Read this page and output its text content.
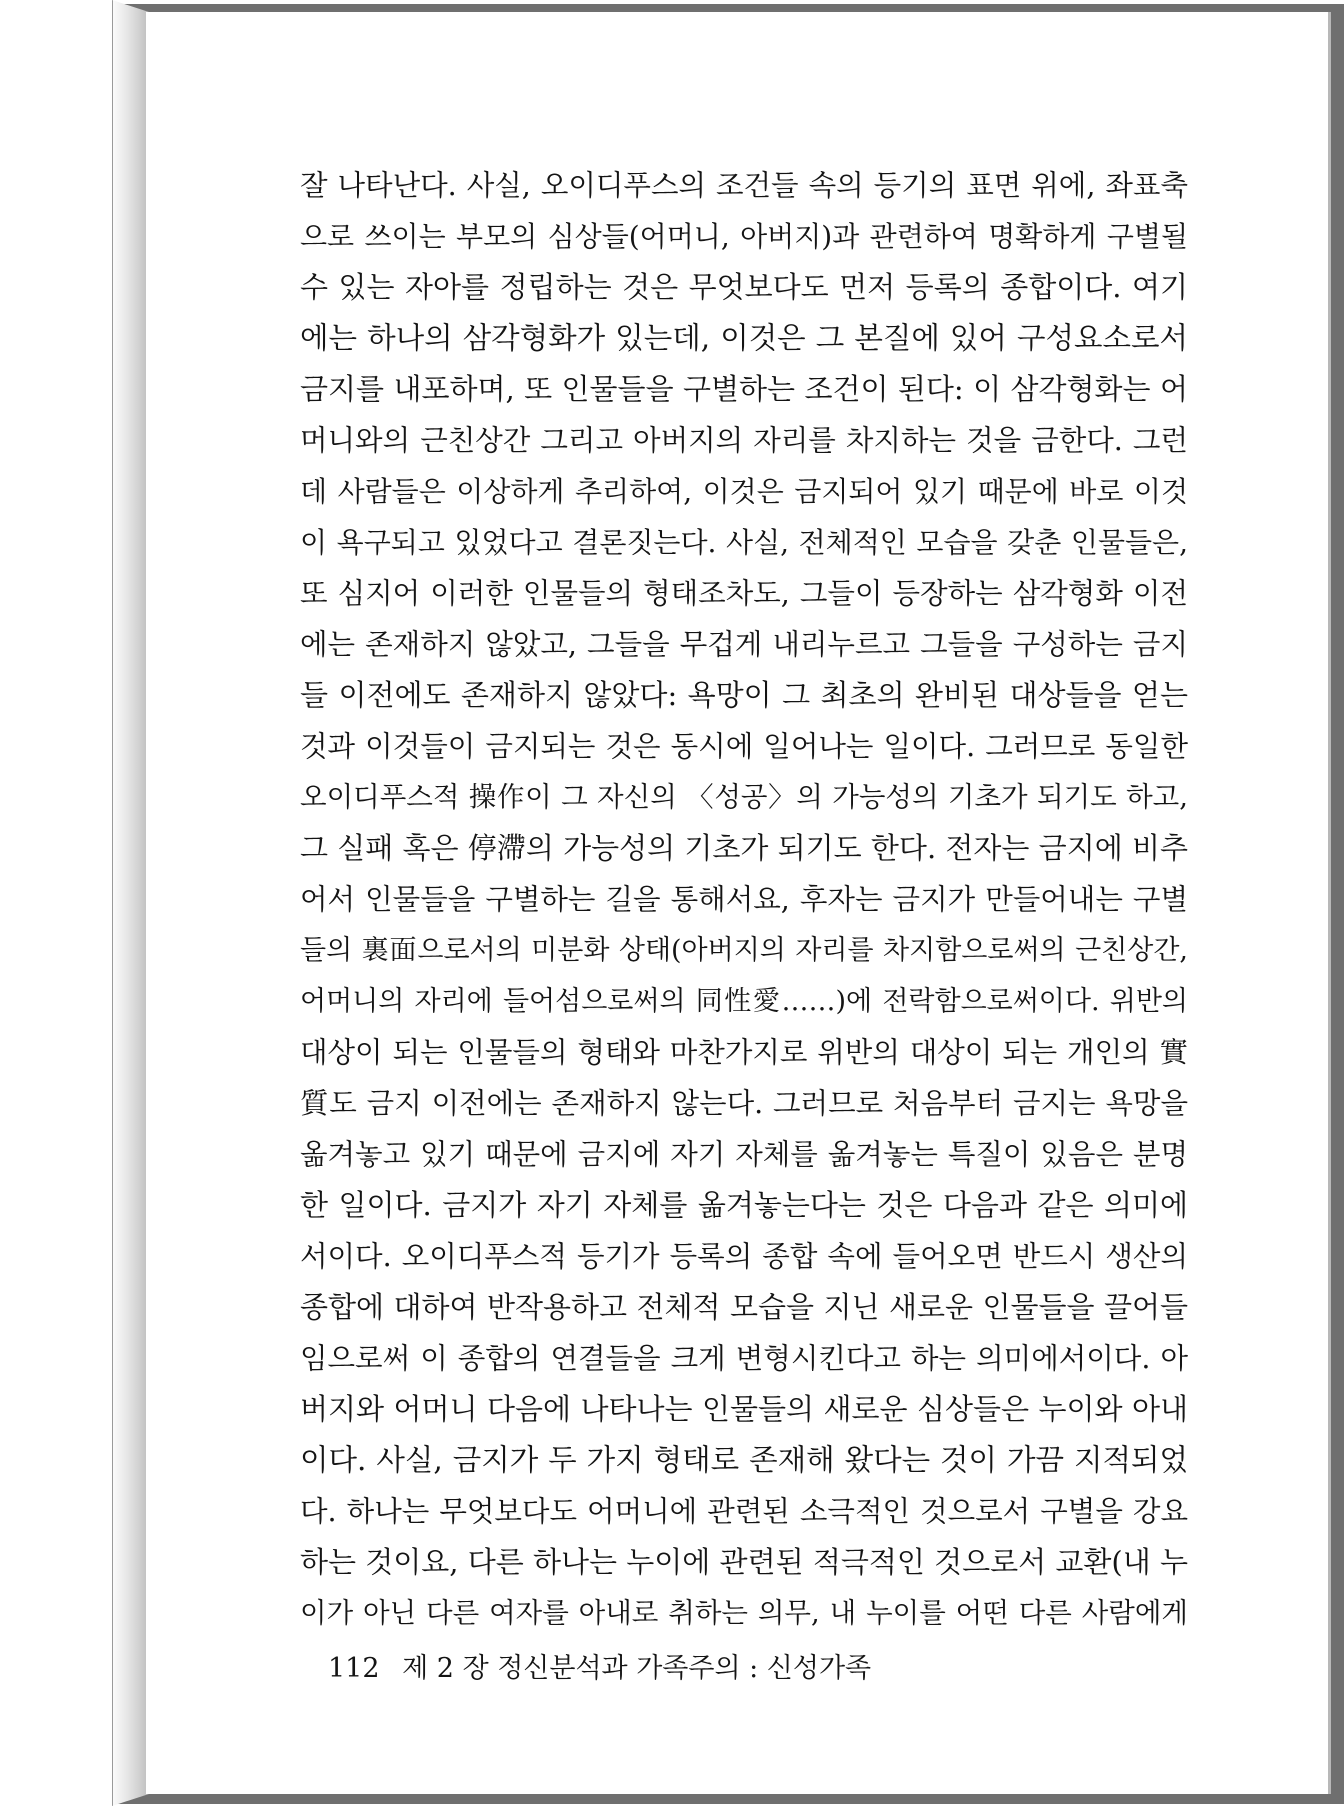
잘 나타난다. 사실, 오이디푸스의 조건들 속의 등기의 표면 위에, 좌표축
으로 쓰이는 부모의 심상들(어머니, 아버지)과 관련하여 명확하게 구별될
수 있는 자아를 정립하는 것은 무엇보다도 먼저 등록의 종합이다. 여기
에는 하나의 삼각형화가 있는데, 이것은 그 본질에 있어 구성요소로서
금지를 내포하며, 또 인물들을 구별하는 조건이 된다: 이 삼각형화는 어
머니와의 근친상간 그리고 아버지의 자리를 차지하는 것을 금한다. 그런
데 사람들은 이상하게 추리하여, 이것은 금지되어 있기 때문에 바로 이것
이 욕구되고 있었다고 결론짓는다. 사실, 전체적인 모습을 갖춘 인물들은,
또 심지어 이러한 인물들의 형태조차도, 그들이 등장하는 삼각형화 이전
에는 존재하지 않았고, 그들을 무겁게 내리누르고 그들을 구성하는 금지
들 이전에도 존재하지 않았다: 욕망이 그 최초의 완비된 대상들을 얻는
것과 이것들이 금지되는 것은 동시에 일어나는 일이다. 그러므로 동일한
오이디푸스적 操作이 그 자신의 〈성공〉의 가능성의 기초가 되기도 하고,
그 실패 혹은 停滯의 가능성의 기초가 되기도 한다. 전자는 금지에 비추
어서 인물들을 구별하는 길을 통해서요, 후자는 금지가 만들어내는 구별
들의 裏面으로서의 미분화 상태(아버지의 자리를 차지함으로써의 근친상간,
어머니의 자리에 들어섬으로써의 同性愛……)에 전락함으로써이다. 위반의
대상이 되는 인물들의 형태와 마찬가지로 위반의 대상이 되는 개인의 實
質도 금지 이전에는 존재하지 않는다. 그러므로 처음부터 금지는 욕망을
옮겨놓고 있기 때문에 금지에 자기 자체를 옮겨놓는 특질이 있음은 분명
한 일이다. 금지가 자기 자체를 옮겨놓는다는 것은 다음과 같은 의미에
서이다. 오이디푸스적 등기가 등록의 종합 속에 들어오면 반드시 생산의
종합에 대하여 반작용하고 전체적 모습을 지닌 새로운 인물들을 끌어들
임으로써 이 종합의 연결들을 크게 변형시킨다고 하는 의미에서이다. 아
버지와 어머니 다음에 나타나는 인물들의 새로운 심상들은 누이와 아내
이다. 사실, 금지가 두 가지 형태로 존재해 왔다는 것이 가끔 지적되었
다. 하나는 무엇보다도 어머니에 관련된 소극적인 것으로서 구별을 강요
하는 것이요, 다른 하나는 누이에 관련된 적극적인 것으로서 교환(내 누
이가 아닌 다른 여자를 아내로 취하는 의무, 내 누이를 어떤 다른 사람에게
112 제 2 장 정신분석과 가족주의 : 신성가족
